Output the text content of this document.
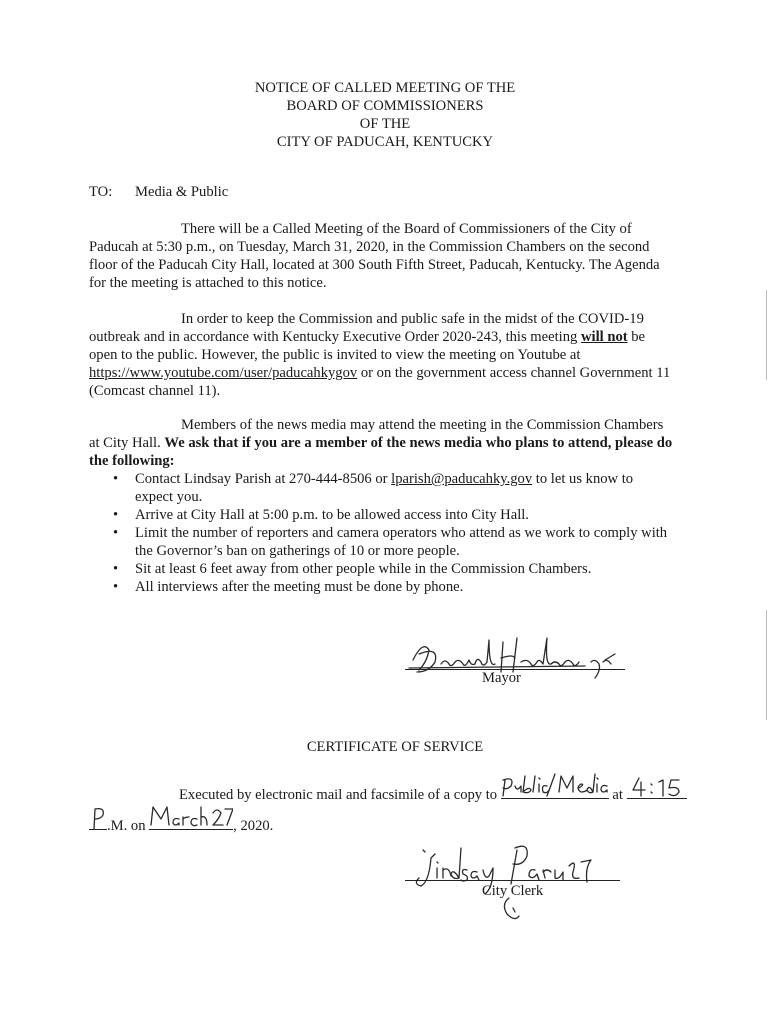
NOTICE OF CALLED MEETING OF THE
BOARD OF COMMISSIONERS
OF THE
CITY OF PADUCAH, KENTUCKY
TO: Media & Public
There will be a Called Meeting of the Board of Commissioners of the City of Paducah at 5:30 p.m., on Tuesday, March 31, 2020, in the Commission Chambers on the second floor of the Paducah City Hall, located at 300 South Fifth Street, Paducah, Kentucky. The Agenda for the meeting is attached to this notice.
In order to keep the Commission and public safe in the midst of the COVID-19 outbreak and in accordance with Kentucky Executive Order 2020-243, this meeting will not be open to the public. However, the public is invited to view the meeting on Youtube at https://www.youtube.com/user/paducahkygov or on the government access channel Government 11 (Comcast channel 11).
Members of the news media may attend the meeting in the Commission Chambers at City Hall. We ask that if you are a member of the news media who plans to attend, please do the following:
• Contact Lindsay Parish at 270-444-8506 or lparish@paducahky.gov to let us know to expect you.
• Arrive at City Hall at 5:00 p.m. to be allowed access into City Hall.
• Limit the number of reporters and camera operators who attend as we work to comply with the Governor’s ban on gatherings of 10 or more people.
• Sit at least 6 feet away from other people while in the Commission Chambers.
• All interviews after the meeting must be done by phone.
Mayor
CERTIFICATE OF SERVICE
Executed by electronic mail and facsimile of a copy to	at
.M. on	, 2020.
City Clerk
